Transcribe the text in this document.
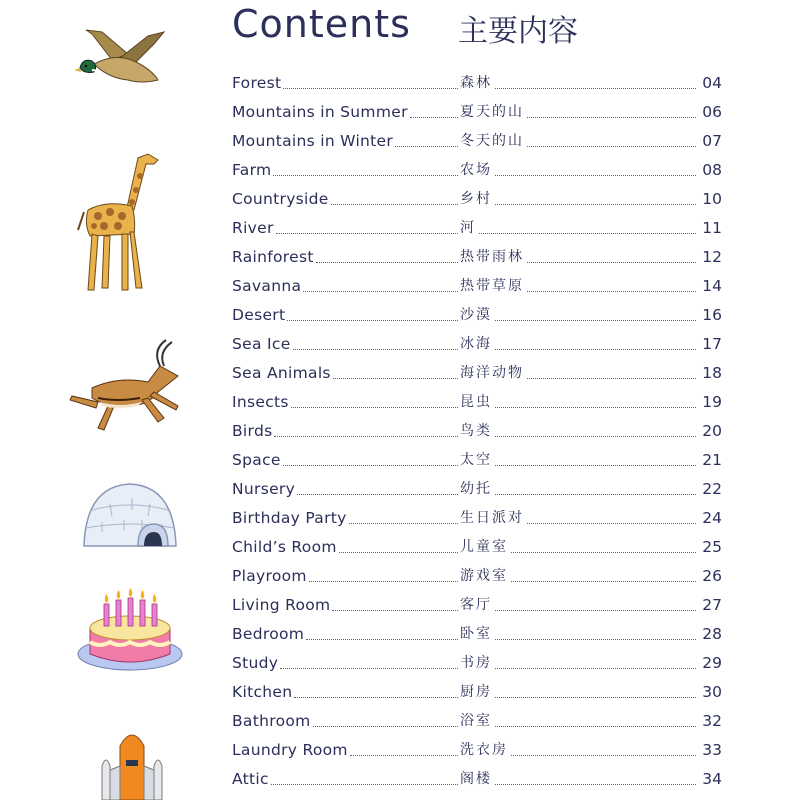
Contents 主要内容
Forest	森林	04
Mountains in Summer	夏天的山	06
Mountains in Winter	冬天的山	07
Farm	农场	08
Countryside	乡村	10
River	河	11
Rainforest	热带雨林	12
Savanna	热带草原	14
Desert	沙漠	16
Sea Ice	冰海	17
Sea Animals	海洋动物	18
Insects	昆虫	19
Birds	鸟类	20
Space	太空	21
Nursery	幼托	22
Birthday Party	生日派对	24
Child’s Room	儿童室	25
Playroom	游戏室	26
Living Room	客厅	27
Bedroom	卧室	28
Study	书房	29
Kitchen	厨房	30
Bathroom	浴室	32
Laundry Room	洗衣房	33
Attic	阁楼	34
